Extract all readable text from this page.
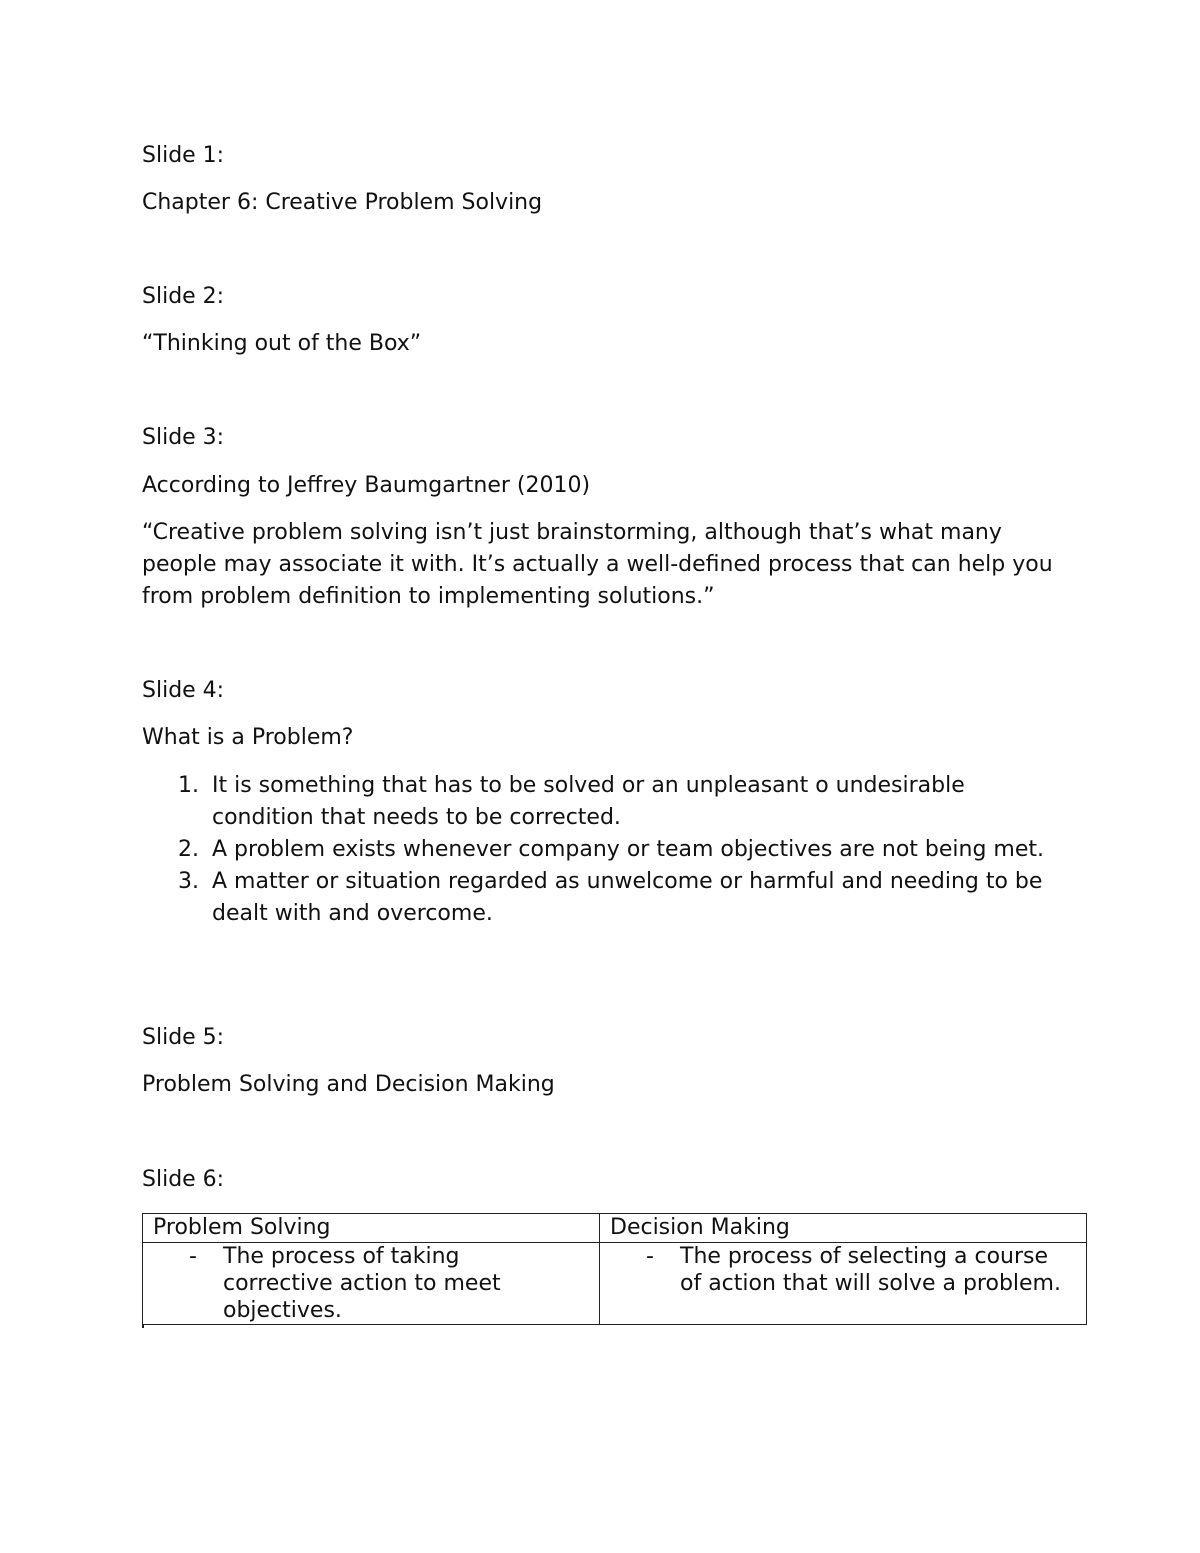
Slide 1:
Chapter 6: Creative Problem Solving
Slide 2:
“Thinking out of the Box”
Slide 3:
According to Jeffrey Baumgartner (2010)
“Creative problem solving isn’t just brainstorming, although that’s what many people may associate it with. It’s actually a well-defined process that can help you from problem definition to implementing solutions.”
Slide 4:
What is a Problem?
1. It is something that has to be solved or an unpleasant o undesirable condition that needs to be corrected.
2. A problem exists whenever company or team objectives are not being met.
3. A matter or situation regarded as unwelcome or harmful and needing to be dealt with and overcome.
Slide 5:
Problem Solving and Decision Making
Slide 6:
Problem Solving	Decision Making

- The process of taking corrective action to meet objectives.	- The process of selecting a course of action that will solve a problem.
